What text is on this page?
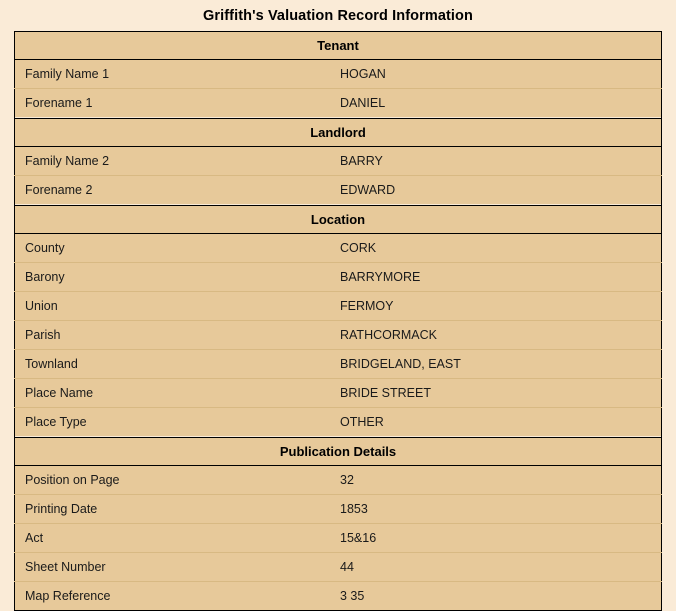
Griffith's Valuation Record Information
Tenant	
Family Name 1	HOGAN
Forename 1	DANIEL

Landlord	
Family Name 2	BARRY
Forename 2	EDWARD

Location	
County	CORK
Barony	BARRYMORE
Union	FERMOY
Parish	RATHCORMACK
Townland	BRIDGELAND, EAST
Place Name	BRIDE STREET
Place Type	OTHER

Publication Details	
Position on Page	32
Printing Date	1853
Act	15&16
Sheet Number	44
Map Reference	3 35
